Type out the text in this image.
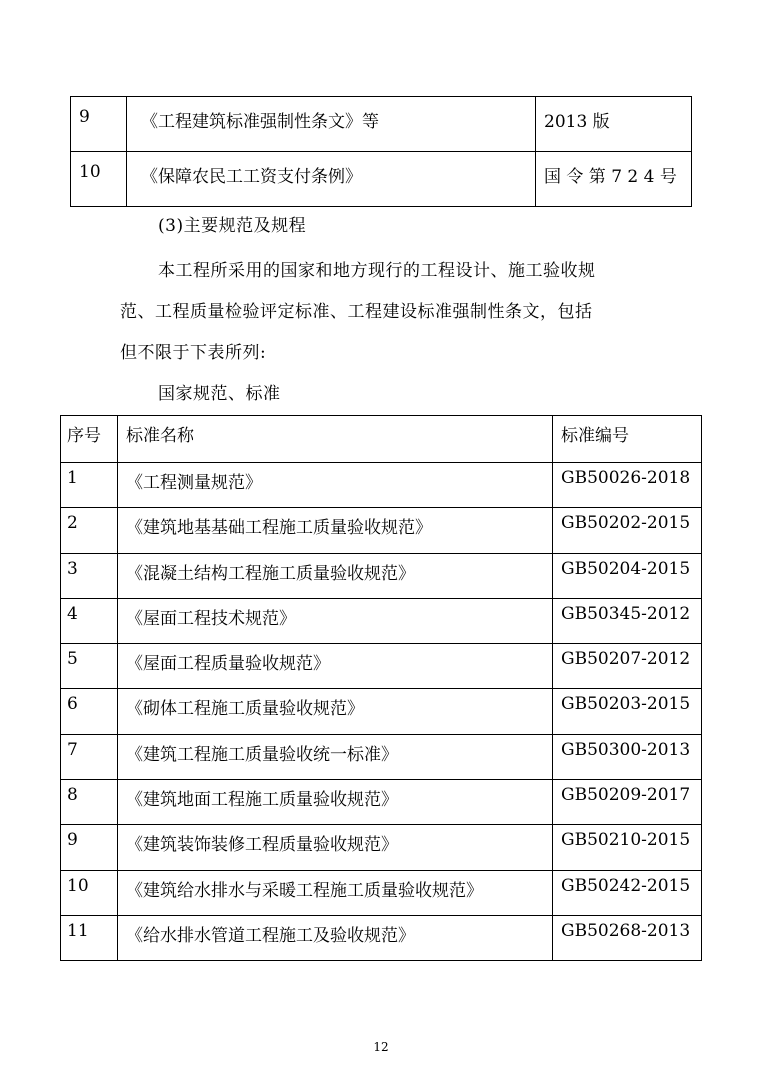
9	《工程建筑标准强制性条文》等	2013 版
10	《保障农民工工资支付条例》	国 令 第 7 2 4 号
(3)主要规范及规程
本工程所采用的国家和地方现行的工程设计、施工验收规
范、工程质量检验评定标准、工程建设标准强制性条文，包括
但不限于下表所列:
国家规范、标准
序号	标准名称	标准编号
1	《工程测量规范》	GB50026-2018
2	《建筑地基基础工程施工质量验收规范》	GB50202-2015
3	《混凝土结构工程施工质量验收规范》	GB50204-2015
4	《屋面工程技术规范》	GB50345-2012
5	《屋面工程质量验收规范》	GB50207-2012
6	《砌体工程施工质量验收规范》	GB50203-2015
7	《建筑工程施工质量验收统一标准》	GB50300-2013
8	《建筑地面工程施工质量验收规范》	GB50209-2017
9	《建筑装饰装修工程质量验收规范》	GB50210-2015
10	《建筑给水排水与采暖工程施工质量验收规范》	GB50242-2015
11	《给水排水管道工程施工及验收规范》	GB50268-2013
12
